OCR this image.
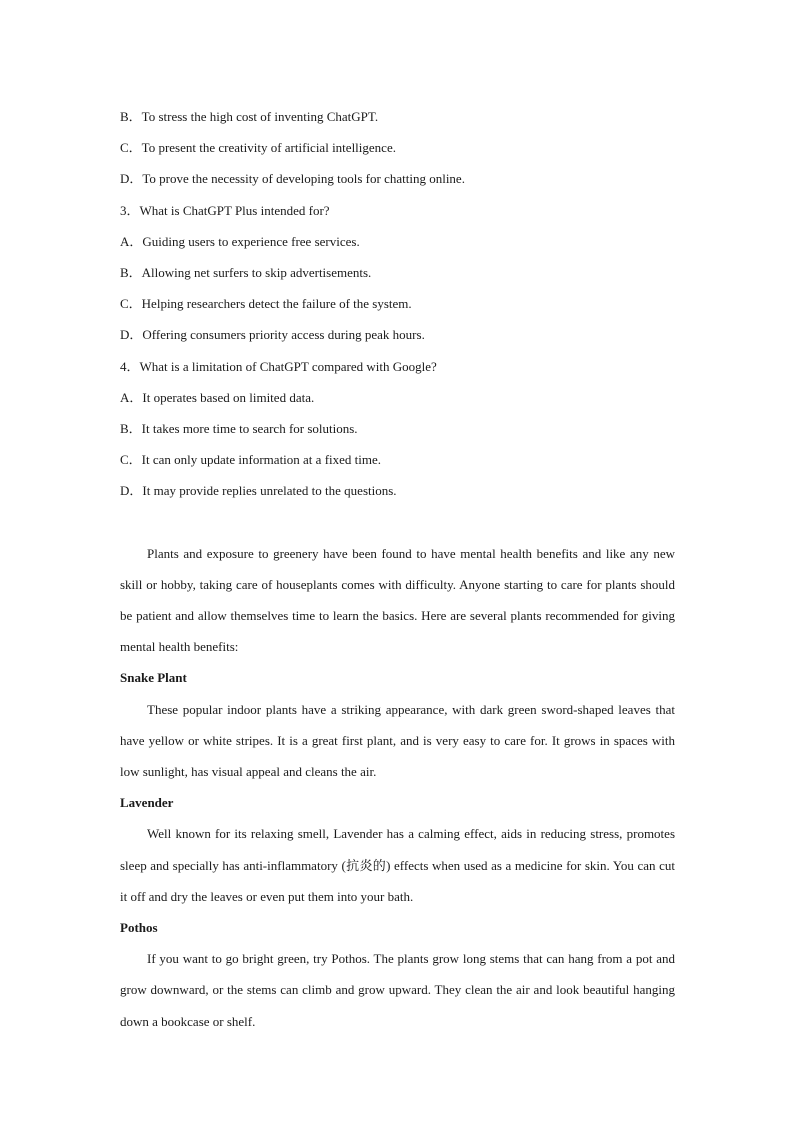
B．To stress the high cost of inventing ChatGPT.
C．To present the creativity of artificial intelligence.
D．To prove the necessity of developing tools for chatting online.
3．What is ChatGPT Plus intended for?
A．Guiding users to experience free services.
B．Allowing net surfers to skip advertisements.
C．Helping researchers detect the failure of the system.
D．Offering consumers priority access during peak hours.
4．What is a limitation of ChatGPT compared with Google?
A．It operates based on limited data.
B．It takes more time to search for solutions.
C．It can only update information at a fixed time.
D．It may provide replies unrelated to the questions.

Plants and exposure to greenery have been found to have mental health benefits and like any new skill or hobby, taking care of houseplants comes with difficulty. Anyone starting to care for plants should be patient and allow themselves time to learn the basics. Here are several plants recommended for giving mental health benefits:

Snake Plant

These popular indoor plants have a striking appearance, with dark green sword-shaped leaves that have yellow or white stripes. It is a great first plant, and is very easy to care for. It grows in spaces with low sunlight, has visual appeal and cleans the air.

Lavender

Well known for its relaxing smell, Lavender has a calming effect, aids in reducing stress, promotes sleep and specially has anti-inflammatory (抗炎的) effects when used as a medicine for skin. You can cut it off and dry the leaves or even put them into your bath.

Pothos

If you want to go bright green, try Pothos. The plants grow long stems that can hang from a pot and grow downward, or the stems can climb and grow upward. They clean the air and look beautiful hanging down a bookcase or shelf.
